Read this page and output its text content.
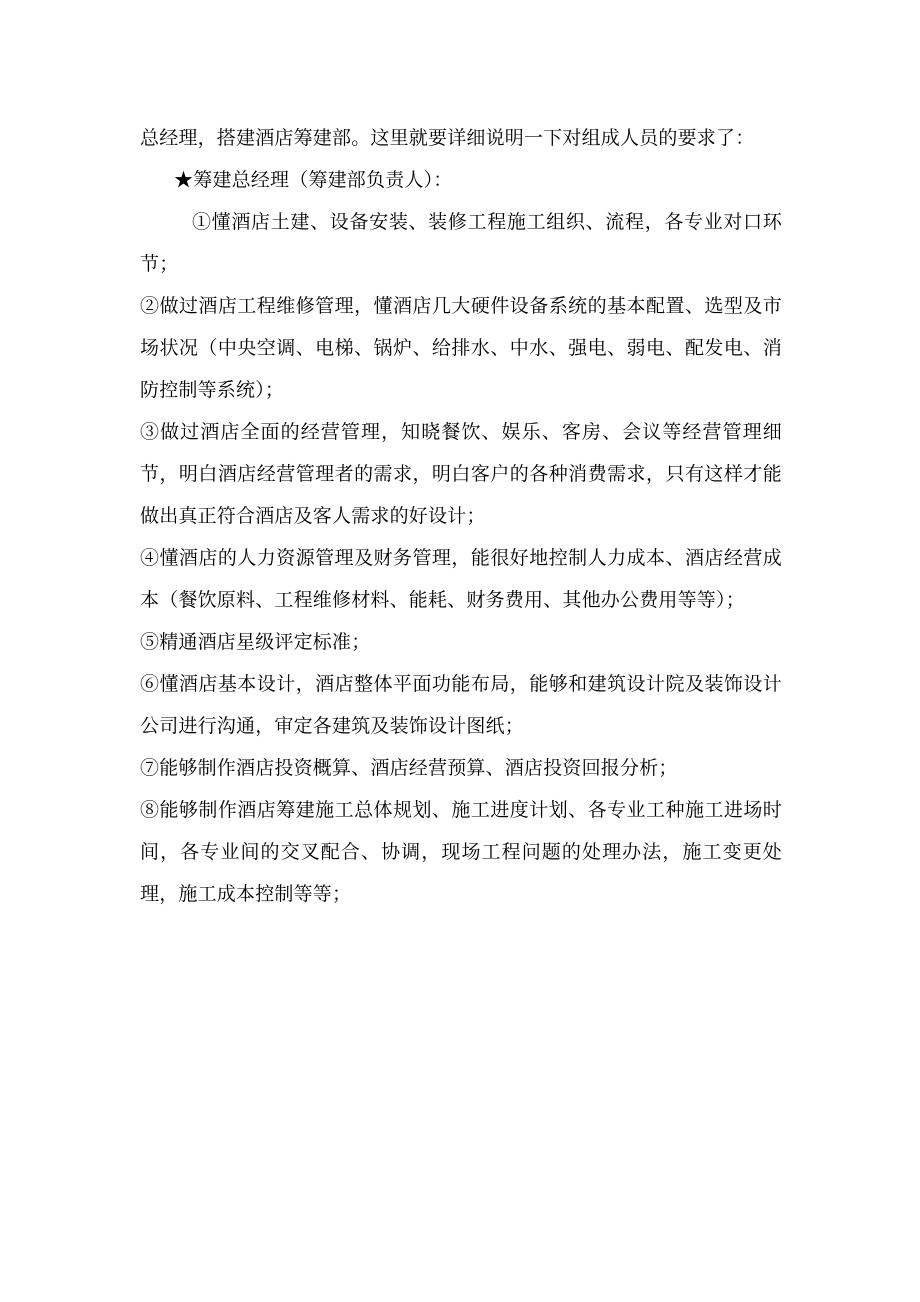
总经理，搭建酒店筹建部。这里就要详细说明一下对组成人员的要求了：

★筹建总经理（筹建部负责人）：

①懂酒店土建、设备安装、装修工程施工组织、流程，各专业对口环节；

②做过酒店工程维修管理，懂酒店几大硬件设备系统的基本配置、选型及市场状况（中央空调、电梯、锅炉、给排水、中水、强电、弱电、配发电、消防控制等系统）；

③做过酒店全面的经营管理，知晓餐饮、娱乐、客房、会议等经营管理细节，明白酒店经营管理者的需求，明白客户的各种消费需求，只有这样才能做出真正符合酒店及客人需求的好设计；

④懂酒店的人力资源管理及财务管理，能很好地控制人力成本、酒店经营成本（餐饮原料、工程维修材料、能耗、财务费用、其他办公费用等等）；

⑤精通酒店星级评定标准；

⑥懂酒店基本设计，酒店整体平面功能布局，能够和建筑设计院及装饰设计公司进行沟通，审定各建筑及装饰设计图纸；

⑦能够制作酒店投资概算、酒店经营预算、酒店投资回报分析；

⑧能够制作酒店筹建施工总体规划、施工进度计划、各专业工种施工进场时间，各专业间的交叉配合、协调，现场工程问题的处理办法，施工变更处理，施工成本控制等等；
